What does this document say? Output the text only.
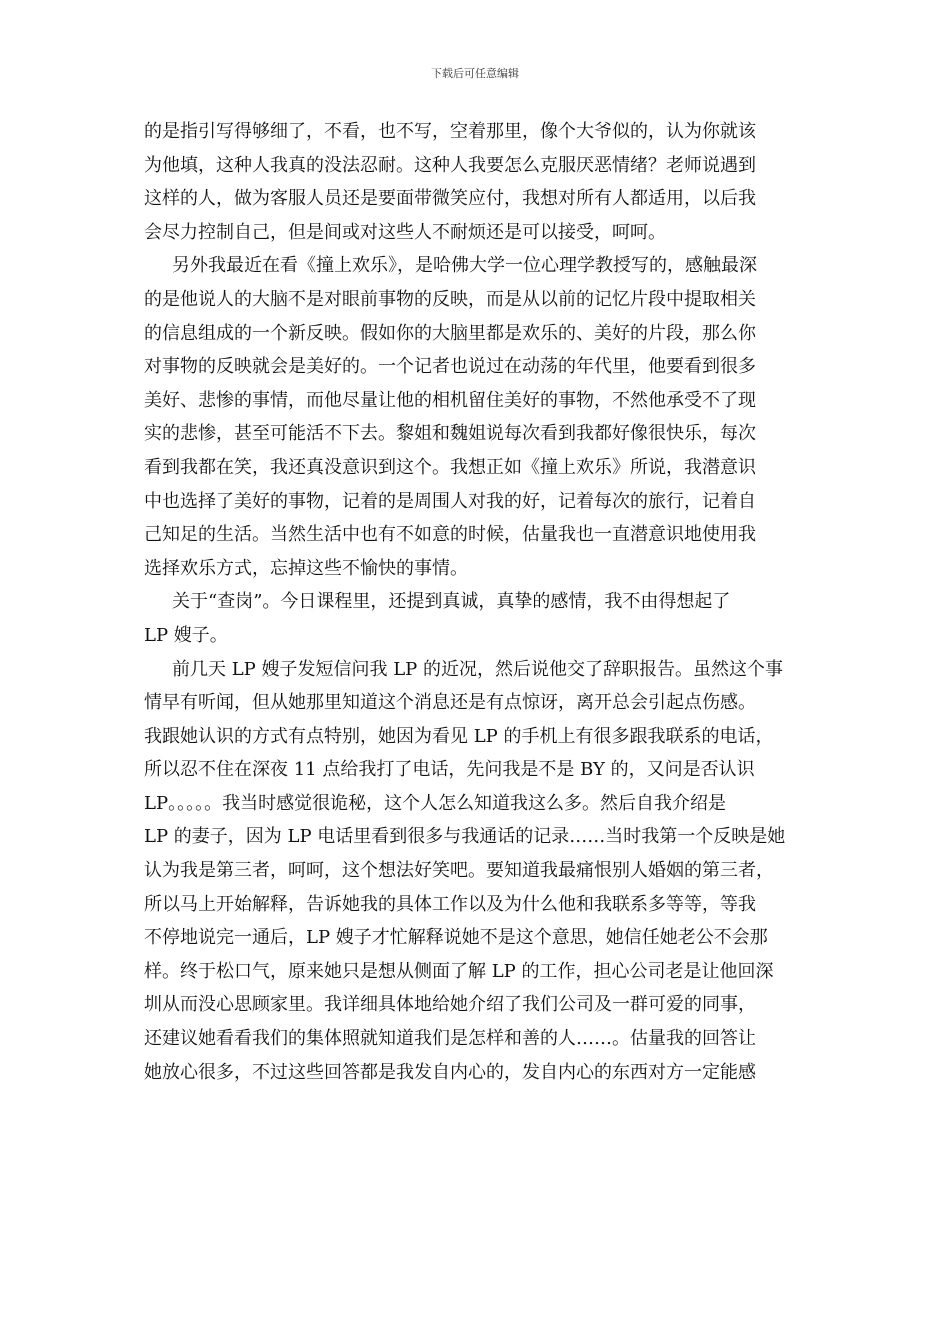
下载后可任意编辑
的是指引写得够细了，不看，也不写，空着那里，像个大爷似的，认为你就该
为他填，这种人我真的没法忍耐。这种人我要怎么克服厌恶情绪？老师说遇到
这样的人，做为客服人员还是要面带微笑应付，我想对所有人都适用，以后我
会尽力控制自己，但是间或对这些人不耐烦还是可以接受，呵呵。
另外我最近在看《撞上欢乐》，是哈佛大学一位心理学教授写的，感触最深
的是他说人的大脑不是对眼前事物的反映，而是从以前的记忆片段中提取相关
的信息组成的一个新反映。假如你的大脑里都是欢乐的、美好的片段，那么你
对事物的反映就会是美好的。一个记者也说过在动荡的年代里，他要看到很多
美好、悲惨的事情，而他尽量让他的相机留住美好的事物，不然他承受不了现
实的悲惨，甚至可能活不下去。黎姐和魏姐说每次看到我都好像很快乐，每次
看到我都在笑，我还真没意识到这个。我想正如《撞上欢乐》所说，我潜意识
中也选择了美好的事物，记着的是周围人对我的好，记着每次的旅行，记着自
己知足的生活。当然生活中也有不如意的时候，估量我也一直潜意识地使用我
选择欢乐方式，忘掉这些不愉快的事情。
关于“查岗”。今日课程里，还提到真诚，真挚的感情，我不由得想起了
LP 嫂子。
前几天 LP 嫂子发短信问我 LP 的近况，然后说他交了辞职报告。虽然这个事
情早有听闻，但从她那里知道这个消息还是有点惊讶，离开总会引起点伤感。
我跟她认识的方式有点特别，她因为看见 LP 的手机上有很多跟我联系的电话，
所以忍不住在深夜 11 点给我打了电话，先问我是不是 BY 的，又问是否认识
LP。。。。。我当时感觉很诡秘，这个人怎么知道我这么多。然后自我介绍是
LP 的妻子，因为 LP 电话里看到很多与我通话的记录……当时我第一个反映是她
认为我是第三者，呵呵，这个想法好笑吧。要知道我最痛恨别人婚姻的第三者，
所以马上开始解释，告诉她我的具体工作以及为什么他和我联系多等等，等我
不停地说完一通后，LP 嫂子才忙解释说她不是这个意思，她信任她老公不会那
样。终于松口气，原来她只是想从侧面了解 LP 的工作，担心公司老是让他回深
圳从而没心思顾家里。我详细具体地给她介绍了我们公司及一群可爱的同事，
还建议她看看我们的集体照就知道我们是怎样和善的人……。估量我的回答让
她放心很多，不过这些回答都是我发自内心的，发自内心的东西对方一定能感
